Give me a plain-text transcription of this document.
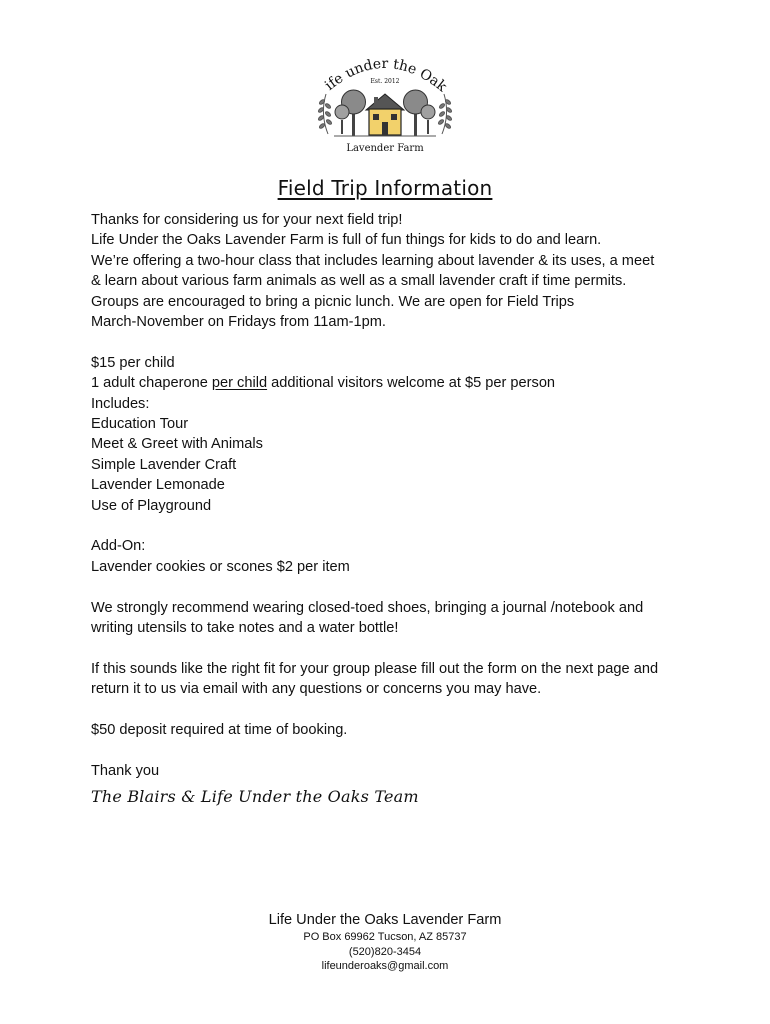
ife under the Oak
Est. 2012
Lavender Farm
Field Trip Information
Thanks for considering us for your next field trip!
Life Under the Oaks Lavender Farm is full of fun things for kids to do and learn.
We’re offering a two-hour class that includes learning about lavender & its uses, a meet
& learn about various farm animals as well as a small lavender craft if time permits.
Groups are encouraged to bring a picnic lunch. We are open for Field Trips
March-November on Fridays from 11am-1pm.
$15 per child
1 adult chaperone per child additional visitors welcome at $5 per person
Includes:
Education Tour
Meet & Greet with Animals
Simple Lavender Craft
Lavender Lemonade
Use of Playground
Add-On:
Lavender cookies or scones $2 per item
We strongly recommend wearing closed-toed shoes, bringing a journal /notebook and
writing utensils to take notes and a water bottle!
If this sounds like the right fit for your group please fill out the form on the next page and
return it to us via email with any questions or concerns you may have.
$50 deposit required at time of booking.
Thank you
The Blairs & Life Under the Oaks Team
Life Under the Oaks Lavender Farm
PO Box 69962 Tucson, AZ 85737
(520)820-3454
lifeunderoaks@gmail.com
